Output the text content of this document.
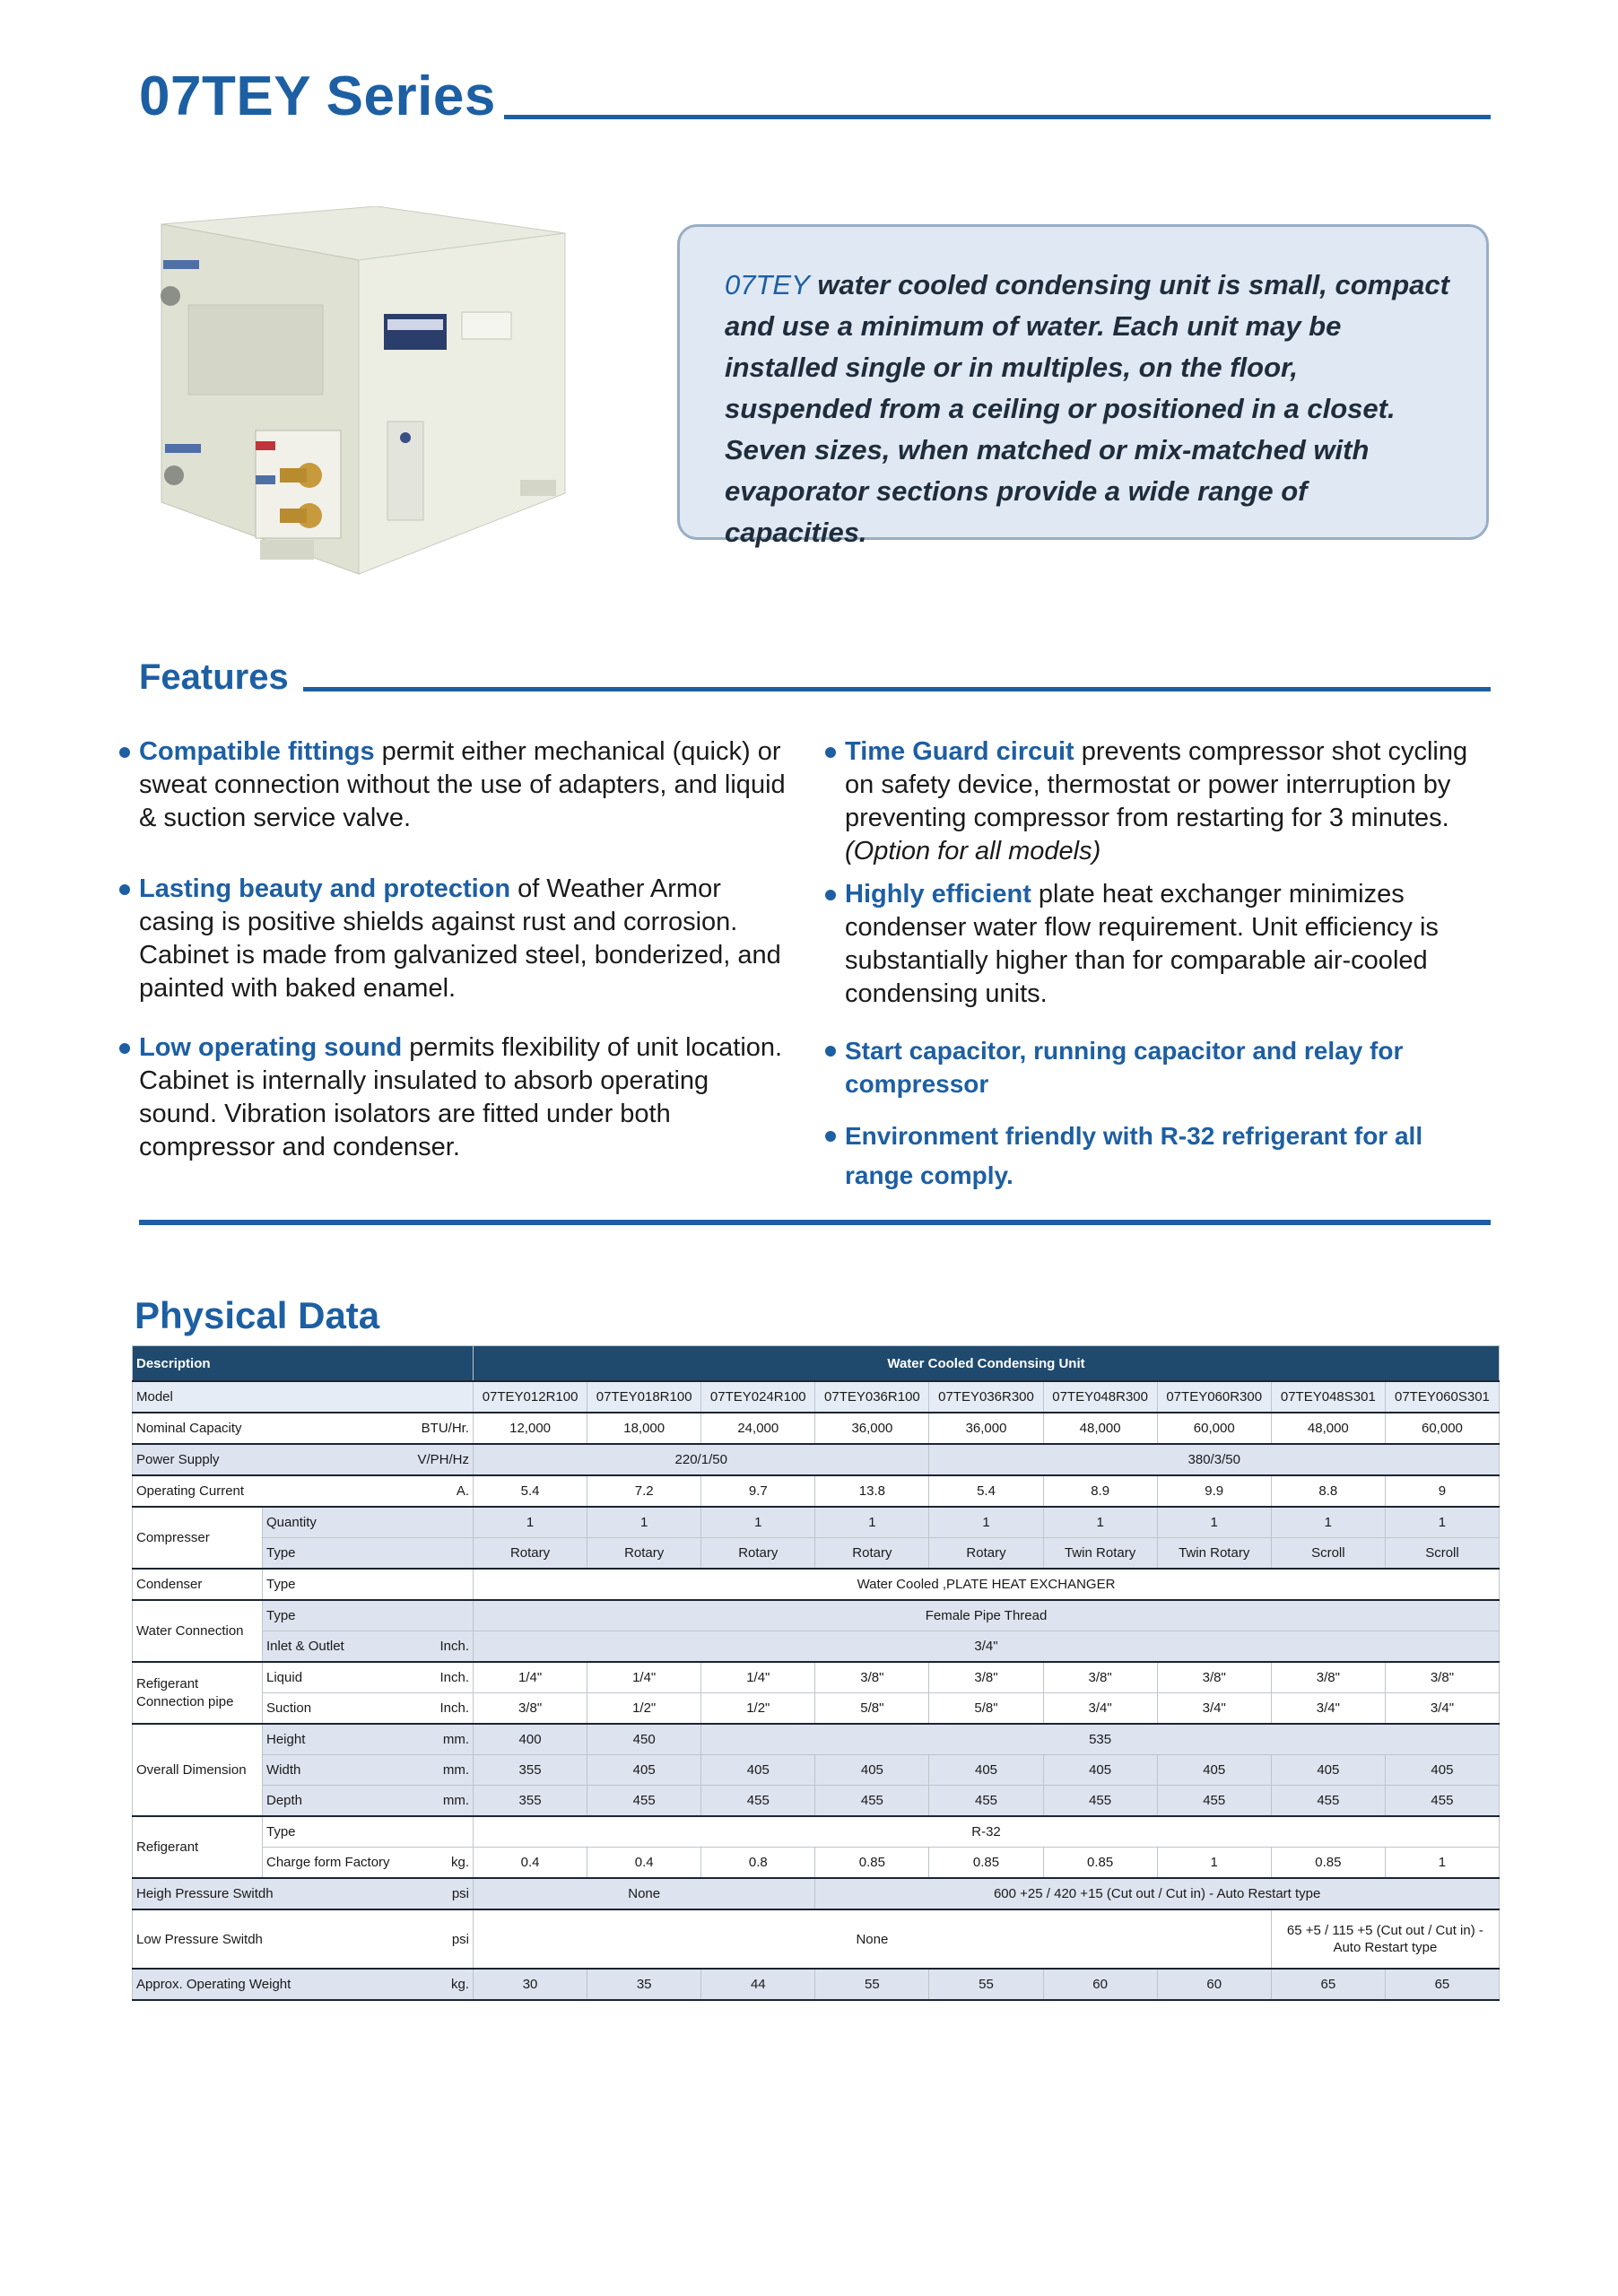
07TEY Series
07TEY water cooled condensing unit is small, compact and use a minimum of water. Each unit may be installed single or in multiples, on the floor, suspended from a ceiling or positioned in a closet. Seven sizes, when matched or mix-matched with evaporator sections provide a wide range of capacities.
Features
Compatible fittings permit either mechanical (quick) or sweat connection without the use of adapters, and liquid & suction service valve.
Lasting beauty and protection of Weather Armor casing is positive shields against rust and corrosion. Cabinet is made from galvanized steel, bonderized, and painted with baked enamel.
Low operating sound permits flexibility of unit location. Cabinet is internally insulated to absorb operating sound. Vibration isolators are fitted under both compressor and condenser.
Time Guard circuit prevents compressor shot cycling on safety device, thermostat or power interruption by preventing compressor from restarting for 3 minutes.
(Option for all models)
Highly efficient plate heat exchanger minimizes condenser water flow requirement. Unit efficiency is substantially higher than for comparable air-cooled condensing units.
Start capacitor, running capacitor and relay for compressor
Environment friendly with R-32 refrigerant for all range comply.
Physical Data
Description		Water Cooled Condensing Unit								
Model		07TEY012R100	07TEY018R100	07TEY024R100	07TEY036R100	07TEY036R300	07TEY048R300	07TEY060R300	07TEY048S301	07TEY060S301
Nominal Capacity BTU/Hr.		12,000	18,000	24,000	36,000	36,000	48,000	60,000	48,000	60,000
Power Supply V/PH/Hz		220/1/50				380/3/50				
Operating Current A.		5.4	7.2	9.7	13.8	5.4	8.9	9.9	8.8	9
Compresser	Quantity	1	1	1	1	1	1	1	1	1
	Type	Rotary	Rotary	Rotary	Rotary	Rotary	Twin Rotary	Twin Rotary	Scroll	Scroll
Condenser	Type	Water Cooled ,PLATE HEAT EXCHANGER								
Water Connection	Type	Female Pipe Thread								
	Inlet & Outlet Inch.	3/4"								
Refigerant Connection pipe	Liquid Inch.	1/4"	1/4"	1/4"	3/8"	3/8"	3/8"	3/8"	3/8"	3/8"
	Suction Inch.	3/8"	1/2"	1/2"	5/8"	5/8"	3/4"	3/4"	3/4"	3/4"
Overall Dimension	Height mm.	400	450	535						
	Width mm.	355	405	405	405	405	405	405	405	405
	Depth mm.	355	455	455	455	455	455	455	455	455
Refigerant	Type	R-32								
	Charge form Factory kg.	0.4	0.4	0.8	0.85	0.85	0.85	1	0.85	1
Heigh Pressure Switdh psi		None			600 +25 / 420 +15 (Cut out / Cut in) - Auto Restart type					
Low Pressure Switdh psi		None							65 +5 / 115 +5 (Cut out / Cut in) - Auto Restart type	
Approx. Operating Weight kg.		30	35	44	55	55	60	60	65	65
